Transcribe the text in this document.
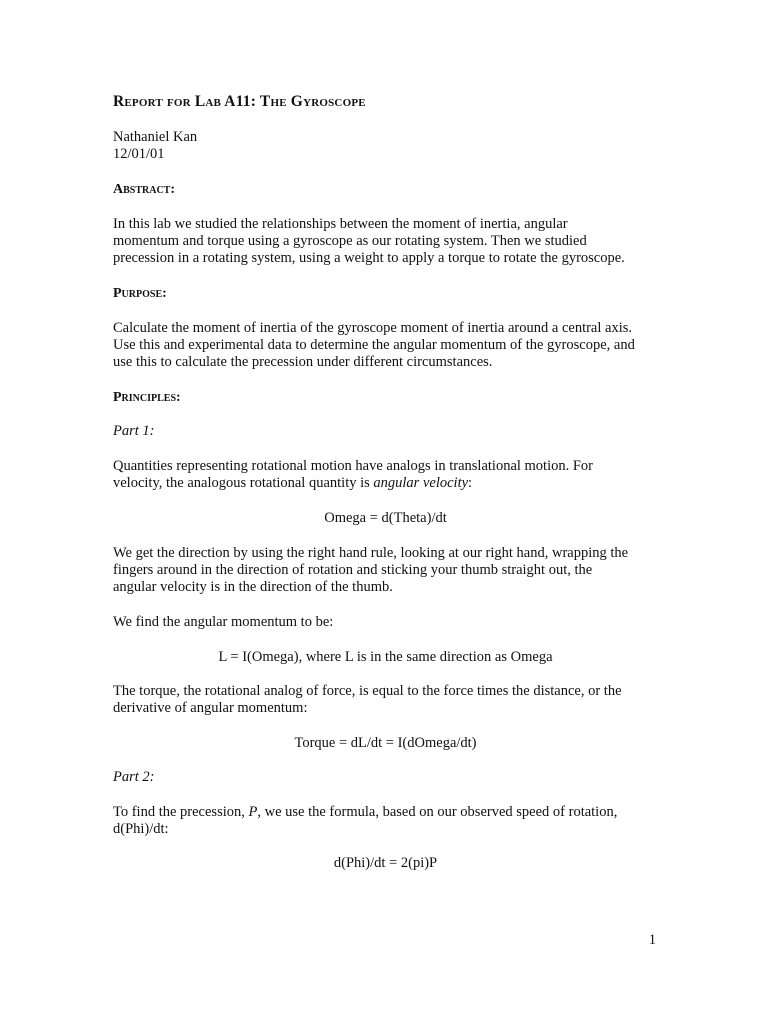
Report for Lab A11: The Gyroscope
Nathaniel Kan
12/01/01
Abstract:
In this lab we studied the relationships between the moment of inertia, angular
momentum and torque using a gyroscope as our rotating system. Then we studied
precession in a rotating system, using a weight to apply a torque to rotate the gyroscope.
Purpose:
Calculate the moment of inertia of the gyroscope moment of inertia around a central axis.
Use this and experimental data to determine the angular momentum of the gyroscope, and
use this to calculate the precession under different circumstances.
Principles:
Part 1:
Quantities representing rotational motion have analogs in translational motion. For
velocity, the analogous rotational quantity is angular velocity:
Omega = d(Theta)/dt
We get the direction by using the right hand rule, looking at our right hand, wrapping the
fingers around in the direction of rotation and sticking your thumb straight out, the
angular velocity is in the direction of the thumb.
We find the angular momentum to be:
L = I(Omega), where L is in the same direction as Omega
The torque, the rotational analog of force, is equal to the force times the distance, or the
derivative of angular momentum:
Torque = dL/dt = I(dOmega/dt)
Part 2:
To find the precession, P, we use the formula, based on our observed speed of rotation,
d(Phi)/dt:
d(Phi)/dt = 2(pi)P
1
